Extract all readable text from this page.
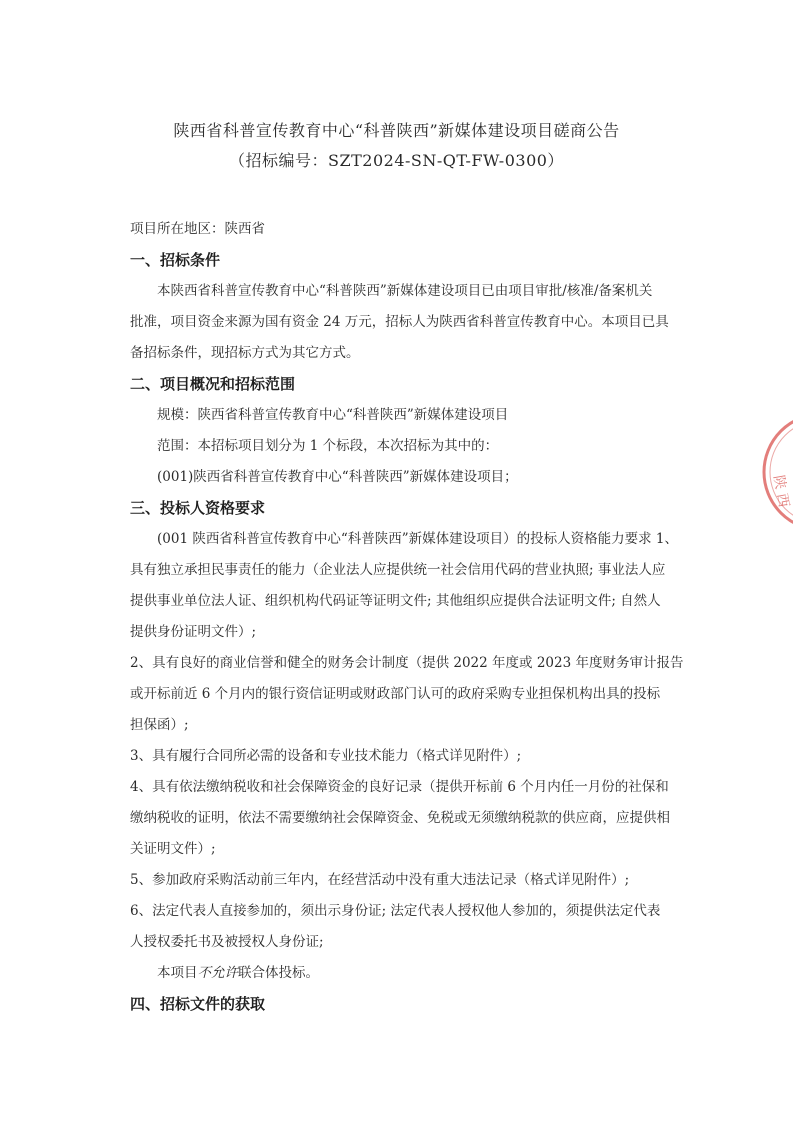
陕西省科普宣传教育中心“科普陕西”新媒体建设项目磋商公告
（招标编号：SZT2024-SN-QT-FW-0300）
项目所在地区：陕西省
一、招标条件
本陕西省科普宣传教育中心“科普陕西”新媒体建设项目已由项目审批/核准/备案机关
批准，项目资金来源为国有资金 24 万元，招标人为陕西省科普宣传教育中心。本项目已具
备招标条件，现招标方式为其它方式。
二、项目概况和招标范围
规模：陕西省科普宣传教育中心“科普陕西”新媒体建设项目
范围：本招标项目划分为 1 个标段，本次招标为其中的：
(001)陕西省科普宣传教育中心“科普陕西”新媒体建设项目；
三、投标人资格要求
(001 陕西省科普宣传教育中心“科普陕西”新媒体建设项目）的投标人资格能力要求 1、
具有独立承担民事责任的能力（企业法人应提供统一社会信用代码的营业执照; 事业法人应
提供事业单位法人证、组织机构代码证等证明文件; 其他组织应提供合法证明文件; 自然人
提供身份证明文件）;
2、具有良好的商业信誉和健全的财务会计制度（提供 2022 年度或 2023 年度财务审计报告
或开标前近 6 个月内的银行资信证明或财政部门认可的政府采购专业担保机构出具的投标
担保函）;
3、具有履行合同所必需的设备和专业技术能力（格式详见附件）;
4、具有依法缴纳税收和社会保障资金的良好记录（提供开标前 6 个月内任一月份的社保和
缴纳税收的证明，依法不需要缴纳社会保障资金、免税或无须缴纳税款的供应商，应提供相
关证明文件）;
5、参加政府采购活动前三年内，在经营活动中没有重大违法记录（格式详见附件）;
6、法定代表人直接参加的，须出示身份证; 法定代表人授权他人参加的，须提供法定代表
人授权委托书及被授权人身份证;
本项目不允许联合体投标。
四、招标文件的获取
陕 西
